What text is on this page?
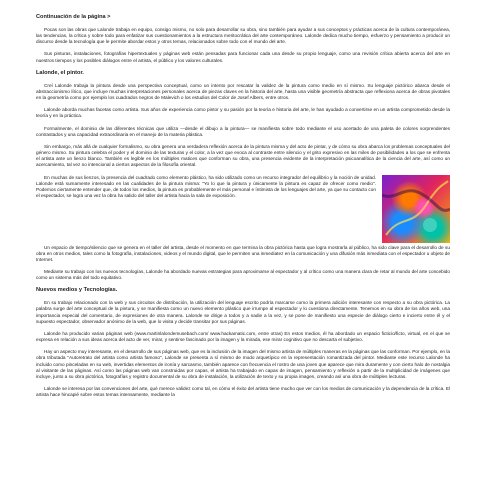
Continuación de la página >

Pocas son las obras que Lalonde trabaja en equipo, consigo mismo, no solo para desarrollar su obra, sino también para ayudar a sus conceptos y prácticas acerca de la cultura contemporánea, las tendencias, la crítica y sobre todo para enfatizar sus cuestionamientos a la estructura meritocrática del arte contemporáneo. Lalonde dedica mucho tiempo, esfuerzo y pensamiento a producir un discurso desde la tecnología que le permite abordar estos y otros temas, relacionados sobre todo con el mundo del arte.

Sus pinturas, instalaciones, fotografías hipertextuales y páginas web están pensadas para funcionar cada una desde su propio lenguaje, como una revisión crítica abierta acerca del arte en nuestros tiempos y los posibles diálogos entre el artista, el público y los valores culturales.

Lalonde, el pintor.

Creí Lalonde trabaja la pintura desde una perspectiva conceptual, como un intento por rescatar la validez de la pintura como medio en sí mismo. Su lenguaje pictórico abarca desde el abstraccionismo lírico, que incluye muchas interpretaciones personales acerca de piezas claves en la historia del arte, hasta una visible geometría abstracta que reflexiona acerca de obras pivotales en la geometría como por ejemplo los cuadrados negros de Malevich o los estudios del Color de Josef Albers, entre otros.

Lalonde aborda muchas facetas como artista. Sus años de experiencia como pintor y su pasión por la teoría e historia del arte, le han ayudado a convertirse en un artista comprometido desde la teoría y en la práctica.

Formalmente, el dominio de las diferentes técnicas que utiliza —desde el dibujo a la pintura— se manifiesta sobre todo mediante el uso acertado de una paleta de colores sorprendentes contrastados y una capacidad extraordinaria en el manejo de la materia plástica.

Sin embargo, más allá de cualquier formalismo, su obra genera una verdadera reflexión acerca de la pintura misma y del acto de pintar, y de cómo su obra abarca los problemas conceptuales del género mismo. Su pintura celebra el poder y el dominio de las texturas y el color, a la vez que evoca al contraste entre silencio y el grito expresivo en las miles de posibilidades a los que se enfrenta el artista ante un lienzo blanco. También es legible en los múltiples matices que conforman su obra, una presencia evidente de la interpretación psicoanalítica de la ciencia del arte, así como un acercamiento, tal vez no intencional a ciertos aspectos de la filosofía oriental.

En muchas de sus lienzos, la presencia del cuadrado como elemento plástico, ha sido utilizado como un recurso integrador del equilibrio y la noción de unidad. Lalonde está sumamente interesado en las cualidades de la pintura misma: "Yo lo que la pintura y únicamente la pintura es capaz de ofrecer como medio". Podemos ciertamente entender que, de todos los medios, la pintura es probablemente el más personal e íntimista de los lenguajes del arte, ya que su contacto con el espectador, se logra una vez la obra ha salido del taller del artista hacia la sala de exposición.

Un espacio de tiempo/silencio que se genera en el taller del artista, desde el momento en que termina la obra pictórica hasta que logra mostrarla al público, ha sido clave para el desarrollo de su obra en otros medios, tales como la fotografía, instalaciones, videos y el mundo digital, que le permiten una inmediatez en la comunicación y una difusión más inmediata con el espectador u objeto de Internet.

Mediante su trabajo con los nuevos tecnologías, Lalonde ha abordado nuevas estrategias para aproximarse al espectador y al crítico como una manera clara de retar al mundo del arte concebido como un sistema más del todo equitativo.

Nuevos medios y Tecnologías.

En su trabajo relacionado con la web y sus circuitos de distribución, la utilización del lenguaje escrito podría marcarse como la primera adición interesante con respecto a su obra pictórica. La palabra surge del arte conceptual de la pintura, y se manifiesta como un nuevo elemento plástico que irrumpe al espectador y lo cuestiona directamente. Tenemos en su obra de los años web, una importancia especial del comentario, de expresiones de otra manera. Lalonde se dirige a todos y a nadie a la vez, y se pone de manifiesto una especie de diálogo cierto e incierto entre él y el supuesto espectador, observador anónimo de la web, que lo visita y decide transitar por sus páginas.

Lalonde ha producido varias páginas web (www.martinlalondemusebach.com/ www.hackamatic.com, entre otras) En estos medios, él ha abordado un espacio ficticio/ficto, virtual, en el que se expresa en relación a sus ideas acerca del acto de ver, mirar, y sentirse fascinado por la imagen y la mirada, ese mirar cognitivo que no descarta el subjetivo.

Hay un aspecto muy interesante, en el desarrollo de sus páginas web, que es la inclusión de la imagen del mismo artista de múltiples maneras en la páginas que las conforman. Por ejemplo, en la obra tributada "Autoretrato del artista como artista famoso", Lalonde se presenta a sí mismo de modo arquetípico en la representación romantizada del pintor. Mediante este recurso Lalonde ha incluido como pinceladas en su web, invertidas elementos de ironía y sarcasmo, también aparece con frecuencia el rostro de una joven que aparece que mira duramente y con cierto halo de nostalgia al visitante de las páginas. Así como las páginas web van construidas por capas, el artista ha trabajado en capas de imagen, pensamiento y reflexión a partir de la multiplicidad de imágenes que incluye, junto a su obra pictórica, fotografías y registro documental de su obra de instalación, la utilización de texto y su propia imagen, creando así una obra de múltiples lecturas.

Lalonde se interesa por las convenciones del arte, qué merece validez como tal, en cómo el éxito del artista tiene mucho que ver con los medios de comunicación y la dependencia de la crítica. El artista hace hincapié sobre estos temas intensamente, mediante la
